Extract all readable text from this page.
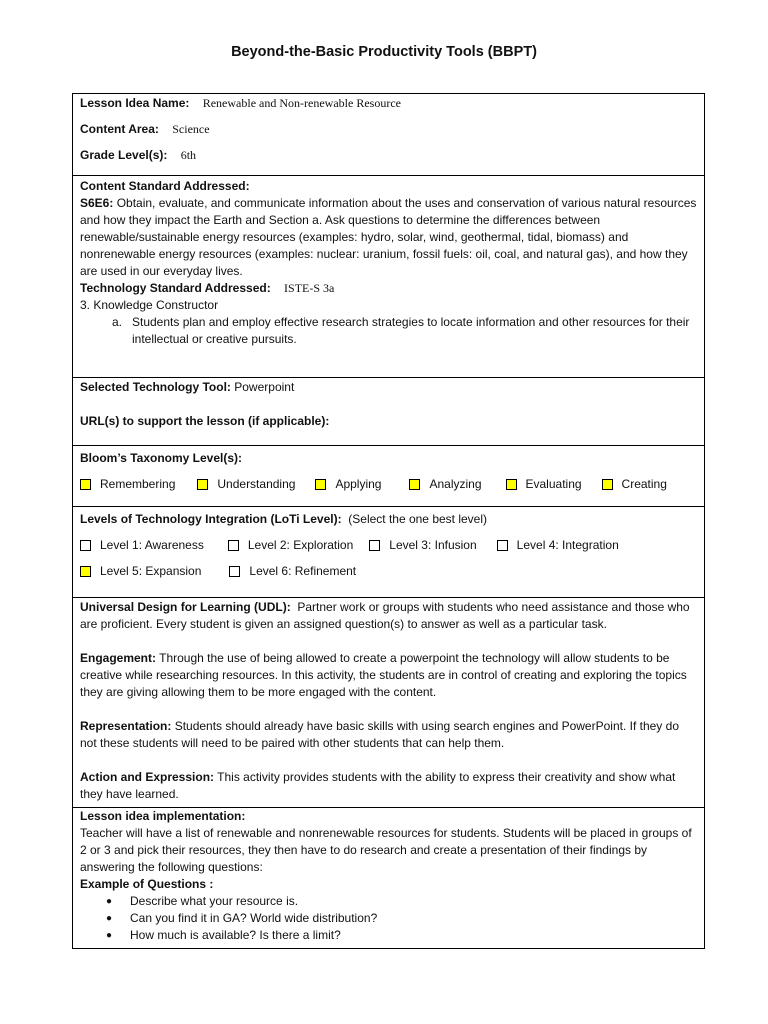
Beyond-the-Basic Productivity Tools (BBPT)
Lesson Idea Name: Renewable and Non-renewable Resource
Content Area: Science
Grade Level(s): 6th

Content Standard Addressed:
S6E6: Obtain, evaluate, and communicate information about the uses and conservation of various natural resources and how they impact the Earth and Section a. Ask questions to determine the differences between renewable/sustainable energy resources (examples: hydro, solar, wind, geothermal, tidal, biomass) and nonrenewable energy resources (examples: nuclear: uranium, fossil fuels: oil, coal, and natural gas), and how they are used in our everyday lives.
Technology Standard Addressed: ISTE-S 3a
3. Knowledge Constructor
a. Students plan and employ effective research strategies to locate information and other resources for their intellectual or creative pursuits.

Selected Technology Tool: Powerpoint
URL(s) to support the lesson (if applicable):

Bloom’s Taxonomy Level(s):
Remembering	Understanding	Applying	Analyzing	Evaluating	Creating

Levels of Technology Integration (LoTi Level): (Select the one best level)
Level 1: Awareness	Level 2: Exploration	Level 3: Infusion	Level 4: Integration
Level 5: Expansion	Level 6: Refinement

Universal Design for Learning (UDL): Partner work or groups with students who need assistance and those who are proficient. Every student is given an assigned question(s) to answer as well as a particular task.
Engagement: Through the use of being allowed to create a powerpoint the technology will allow students to be creative while researching resources. In this activity, the students are in control of creating and exploring the topics they are giving allowing them to be more engaged with the content.
Representation: Students should already have basic skills with using search engines and PowerPoint. If they do not these students will need to be paired with other students that can help them.
Action and Expression: This activity provides students with the ability to express their creativity and show what they have learned.

Lesson idea implementation:
Teacher will have a list of renewable and nonrenewable resources for students. Students will be placed in groups of 2 or 3 and pick their resources, they then have to do research and create a presentation of their findings by answering the following questions:
Example of Questions :
●	Describe what your resource is.
●	Can you find it in GA? World wide distribution?
●	How much is available? Is there a limit?
